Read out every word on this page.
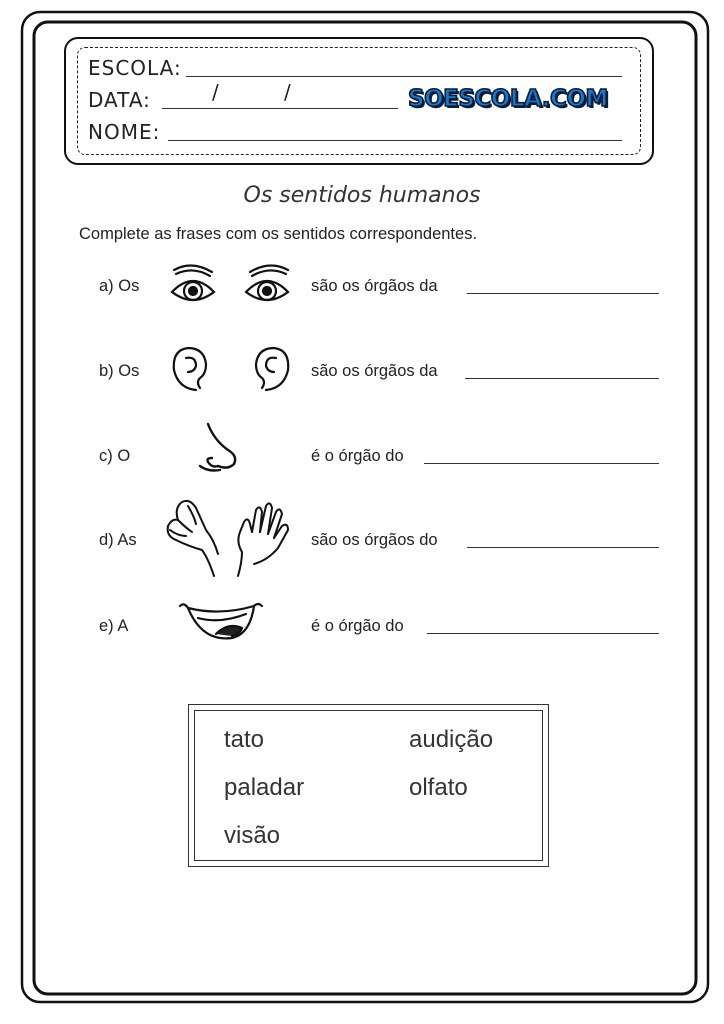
ESCOLA:
DATA:	/	/	SOESCOLA.COM
NOME:
Os sentidos humanos
Complete as frases com os sentidos correspondentes.
a) Os	são os órgãos da
b) Os	são os órgãos da
c) O	é o órgão do
d) As	são os órgãos do
e) A	é o órgão do
tato	audição
paladar	olfato
visão
